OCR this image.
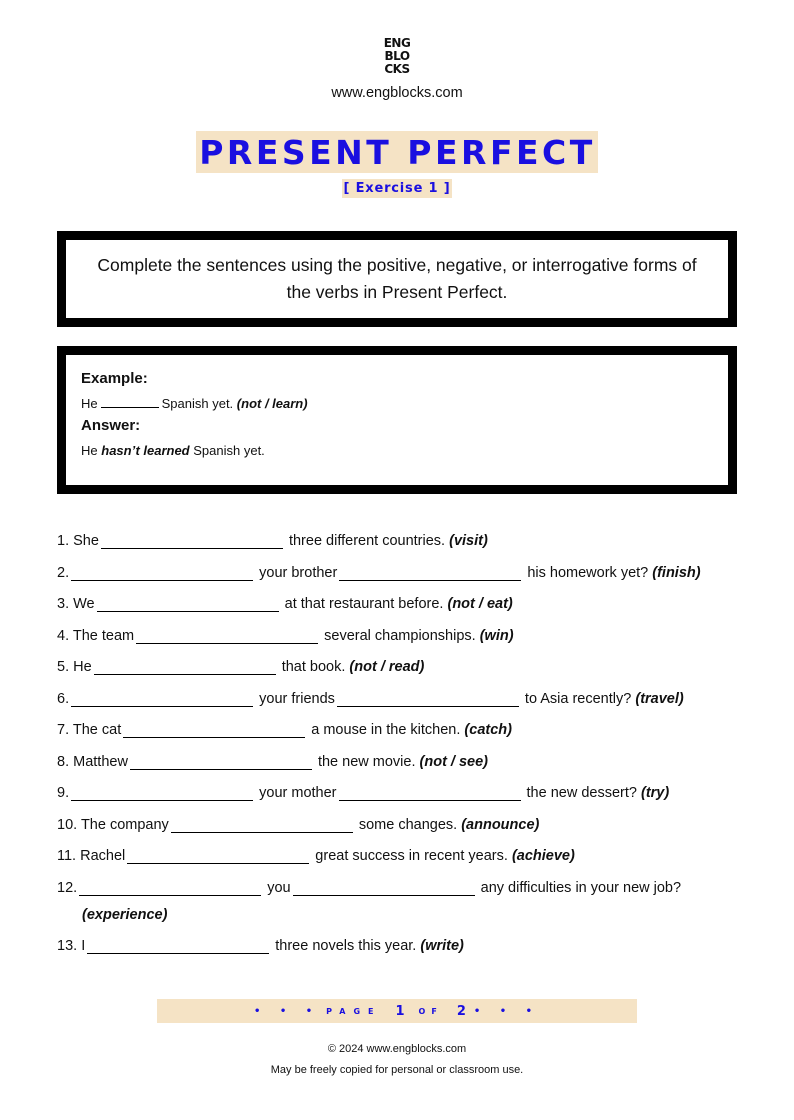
ENG
BLO
CKS
www.engblocks.com
PRESENT PERFECT
[ Exercise 1 ]
Complete the sentences using the positive, negative, or interrogative forms of the verbs in Present Perfect.
Example:
He	Spanish yet. (not / learn)
Answer:
He hasn’t learned Spanish yet.
1. She	three different countries. (visit)
2.	your brother	his homework yet? (finish)
3. We	at that restaurant before. (not / eat)
4. The team	several championships. (win)
5. He	that book. (not / read)
6.	your friends	to Asia recently? (travel)
7. The cat	a mouse in the kitchen. (catch)
8. Matthew	the new movie. (not / see)
9.	your mother	the new dessert? (try)
10. The company	some changes. (announce)
11. Rachel	great success in recent years. (achieve)
12.	you	any difficulties in your new job?
(experience)
13. I	three novels this year. (write)
• • • PAGE 1 OF 2 • • •
© 2024 www.engblocks.com
May be freely copied for personal or classroom use.
